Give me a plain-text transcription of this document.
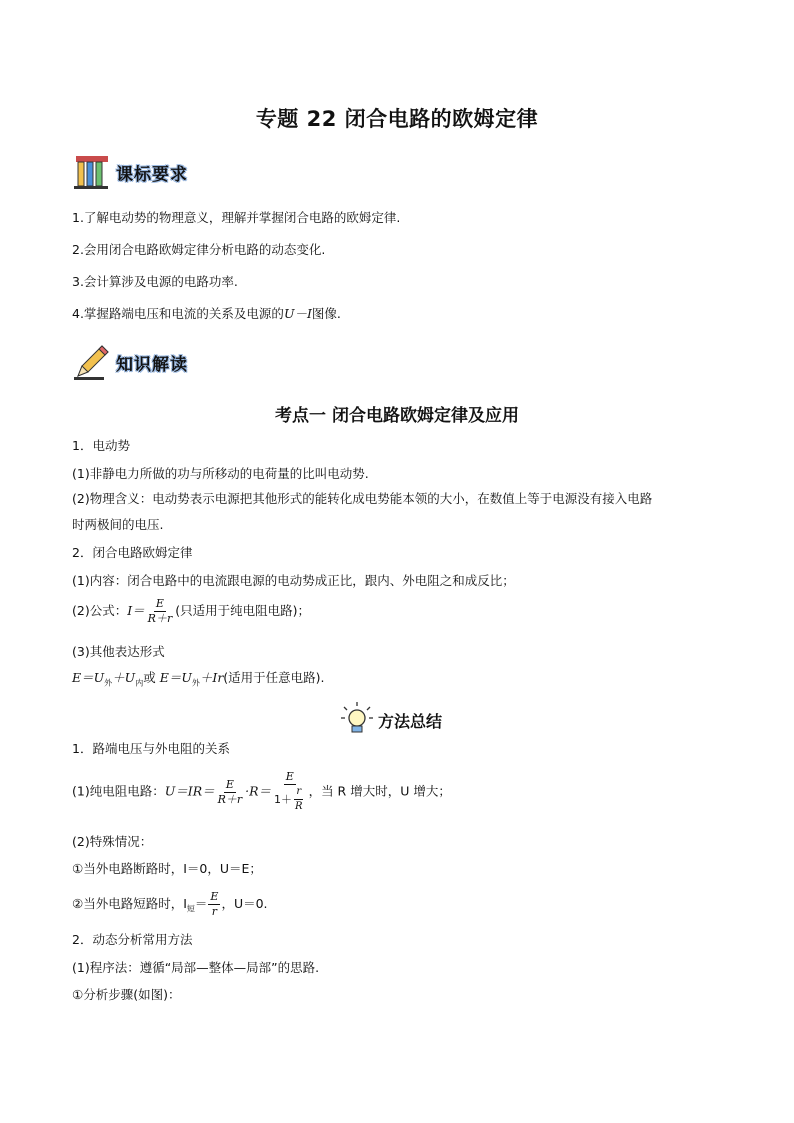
专题 22 闭合电路的欧姆定律
课标要求
1.了解电动势的物理意义，理解并掌握闭合电路的欧姆定律.
2.会用闭合电路欧姆定律分析电路的动态变化.
3.会计算涉及电源的电路功率.
4.掌握路端电压和电流的关系及电源的U－I图像.
知识解读
考点一 闭合电路欧姆定律及应用
1．电动势
(1)非静电力所做的功与所移动的电荷量的比叫电动势.
(2)物理含义：电动势表示电源把其他形式的能转化成电势能本领的大小，在数值上等于电源没有接入电路
时两极间的电压.
2．闭合电路欧姆定律
(1)内容：闭合电路中的电流跟电源的电动势成正比，跟内、外电阻之和成反比；
(2)公式：$I= \frac{E}{R+r}$ (只适用于纯电阻电路)；
(3)其他表达形式
$E=U_外+U_内$或 $E=U_外+Ir$(适用于任意电路).
方法总结
1．路端电压与外电阻的关系
(1)纯电阻电路：$U=IR= \frac{E}{R+r} \cdot R= \frac{E}{1+ \frac{r}{R}}$ ，当 R 增大时，U 增大；
(2)特殊情况：
①当外电路断路时，I＝0，U＝E；
②当外电路短路时，$I_短= \frac{E}{r}$ ，U＝0.
2．动态分析常用方法
(1)程序法：遵循“局部—整体—局部”的思路.
①分析步骤(如图)：
